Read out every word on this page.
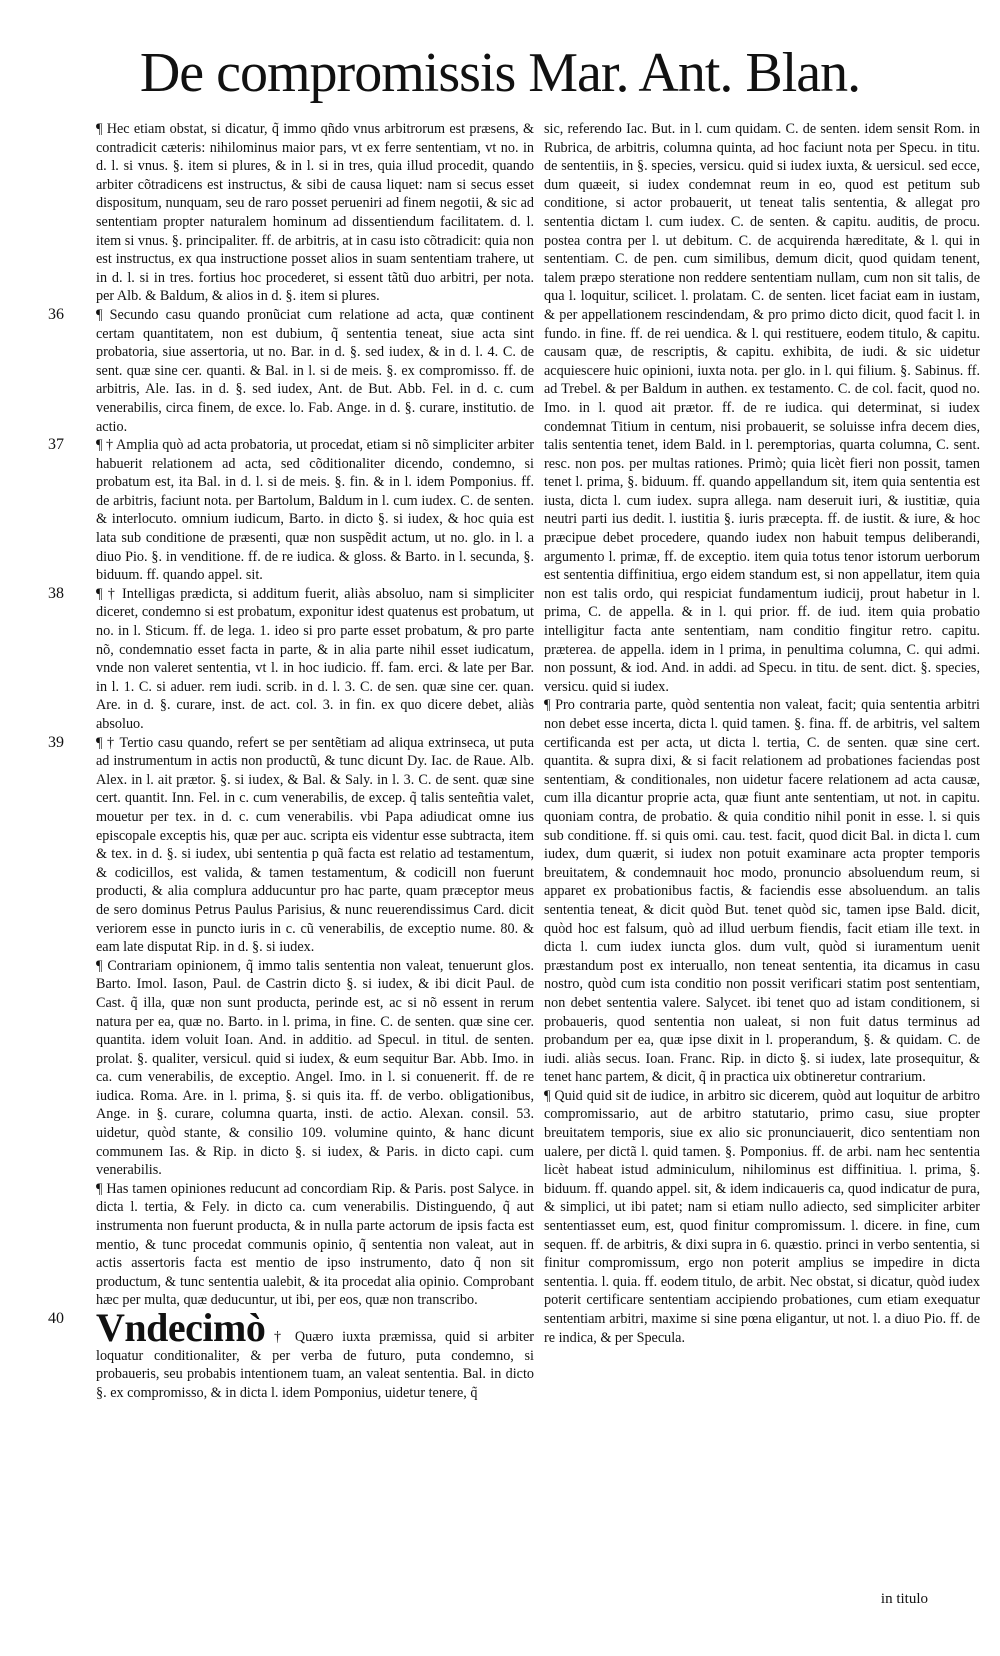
De compromissis Mar. Ant. Blan.

¶ Hec etiam obstat, si dicatur, q̃ immo qñdo vnus arbitrorum est præsens, & contradicit cæteris: nihilominus maior pars, vt ex ferre sententiam, vt no. in d. l. si vnus. §. item si plures, & in l. si in tres, quia illud procedit, quando arbiter cõtradicens est instructus, & sibi de causa liquet: nam si secus esset dispositum, nunquam, seu de raro posset perueniri ad finem negotii, & sic ad sententiam propter naturalem hominum ad dissentiendum facilitatem. d. l. item si vnus. §. principaliter. ff. de arbitris, at in casu isto cõtradicit: quia non est instructus, ex qua instructione posset alios in suam sententiam trahere, ut in d. l. si in tres. fortius hoc procederet, si essent tãtũ duo arbitri, per nota. per Alb. & Baldum, & alios in d. §. item si plures.

36	¶ Secundo casu quando pronũciat cum relatione ad acta, quæ continent certam quantitatem, non est dubium, q̃ sententia teneat, siue acta sint probatoria, siue assertoria, ut no. Bar. in d. §. sed iudex, & in d. l. 4. C. de sent. quæ sine cer. quanti. & Bal. in l. si de meis. §. ex compromisso. ff. de arbitris, Ale. Ias. in d. §. sed iudex, Ant. de But. Abb. Fel. in d. c. cum venerabilis, circa finem, de exce. lo. Fab. Ange. in d. §. curare, institutio. de actio.

37	¶ † Amplia quò ad acta probatoria, ut procedat, etiam si nõ simpliciter arbiter habuerit relationem ad acta, sed cõditionaliter dicendo, condemno, si probatum est, ita Bal. in d. l. si de meis. §. fin. & in l. idem Pomponius. ff. de arbitris, faciunt nota. per Bartolum, Baldum in l. cum iudex. C. de senten. & interlocuto. omnium iudicum, Barto. in dicto §. si iudex, & hoc quia est lata sub conditione de præsenti, quæ non suspẽdit actum, ut no. glo. in l. a diuo Pio. §. in venditione. ff. de re iudica. & gloss. & Barto. in l. secunda, §. biduum. ff. quando appel. sit.

38	¶ † Intelligas prædicta, si additum fuerit, aliàs absoluo, nam si simpliciter diceret, condemno si est probatum, exponitur idest quatenus est probatum, ut no. in l. Sticum. ff. de lega. 1. ideo si pro parte esset probatum, & pro parte nõ, condemnatio esset facta in parte, & in alia parte nihil esset iudicatum, vnde non valeret sententia, vt l. in hoc iudicio. ff. fam. erci. & late per Bar. in l. 1. C. si aduer. rem iudi. scrib. in d. l. 3. C. de sen. quæ sine cer. quan. Are. in d. §. curare, inst. de act. col. 3. in fin. ex quo dicere debet, aliàs absoluo.

39	¶ † Tertio casu quando, refert se per sentẽtiam ad aliqua extrinseca, ut puta ad instrumentum in actis non productũ, & tunc dicunt Dy. Iac. de Raue. Alb. Alex. in l. ait prætor. §. si iudex, & Bal. & Saly. in l. 3. C. de sent. quæ sine cert. quantit. Inn. Fel. in c. cum venerabilis, de excep. q̃ talis senteñtia valet, mouetur per tex. in d. c. cum venerabilis. vbi Papa adiudicat omne ius episcopale exceptis his, quæ per auc. scripta eis videntur esse subtracta, item & tex. in d. §. si iudex, ubi sententia p quã facta est relatio ad testamentum, & codicillos, est valida, & tamen testamentum, & codicill non fuerunt producti, & alia complura adducuntur pro hac parte, quam præceptor meus de sero dominus Petrus Paulus Parisius, & nunc reuerendissimus Card. dicit veriorem esse in puncto iuris in c. cũ venerabilis, de exceptio nume. 80. & eam late disputat Rip. in d. §. si iudex.

¶ Contrariam opinionem, q̃ immo talis sententia non valeat, tenuerunt glos. Barto. Imol. Iason, Paul. de Castrin dicto §. si iudex, & ibi dicit Paul. de Cast. q̃ illa, quæ non sunt producta, perinde est, ac si nõ essent in rerum natura per ea, quæ no. Barto. in l. prima, in fine. C. de senten. quæ sine cer. quantita. idem voluit Ioan. And. in additio. ad Specul. in titul. de senten. prolat. §. qualiter, versicul. quid si iudex, & eum sequitur Bar. Abb. Imo. in ca. cum venerabilis, de exceptio. Angel. Imo. in l. si conuenerit. ff. de re iudica. Roma. Are. in l. prima, §. si quis ita. ff. de verbo. obligationibus, Ange. in §. curare, columna quarta, insti. de actio. Alexan. consil. 53. uidetur, quòd stante, & consilio 109. volumine quinto, & hanc dicunt communem Ias. & Rip. in dicto §. si iudex, & Paris. in dicto capi. cum venerabilis.

¶ Has tamen opiniones reducunt ad concordiam Rip. & Paris. post Salyce. in dicta l. tertia, & Fely. in dicto ca. cum venerabilis. Distinguendo, q̃ aut instrumenta non fuerunt producta, & in nulla parte actorum de ipsis facta est mentio, & tunc procedat communis opinio, q̃ sententia non valeat, aut in actis assertoris facta est mentio de ipso instrumento, dato q̃ non sit productum, & tunc sententia ualebit, & ita procedat alia opinio. Comprobant hæc per multa, quæ deducuntur, ut ibi, per eos, quæ non transcribo.

40 Vndecimò † Quæro iuxta præmissa, quid si arbiter loquatur conditionaliter, & per verba de futuro, puta condemno, si probaueris, seu probabis intentionem tuam, an valeat sententia. Bal. in dicto §. ex compromisso, & in dicta l. idem Pomponius, uidetur tenere, q̃

sic, referendo Iac. But. in l. cum quidam. C. de senten. idem sensit Rom. in Rubrica, de arbitris, columna quinta, ad hoc faciunt nota per Specu. in titu. de sententiis, in §. species, versicu. quid si iudex iuxta, & uersicul. sed ecce, dum quæeit, si iudex condemnat reum in eo, quod est petitum sub conditione, si actor probauerit, ut teneat talis sententia, & allegat pro sententia dictam l. cum iudex. C. de senten. & capitu. auditis, de procu. postea contra per l. ut debitum. C. de acquirenda hæreditate, & l. qui in sententiam. C. de pen. cum similibus, demum dicit, quod quidam tenent, talem præpo steratione non reddere sententiam nullam, cum non sit talis, de qua l. loquitur, scilicet. l. prolatam. C. de senten. licet faciat eam in iustam, & per appellationem rescindendam, & pro primo dicto dicit, quod facit l. in fundo. in fine. ff. de rei uendica. & l. qui restituere, eodem titulo, & capitu. causam quæ, de rescriptis, & capitu. exhibita, de iudi. & sic uidetur acquiescere huic opinioni, iuxta nota. per glo. in l. qui filium. §. Sabinus. ff. ad Trebel. & per Baldum in authen. ex testamento. C. de col. facit, quod no. Imo. in l. quod ait prætor. ff. de re iudica. qui determinat, si iudex condemnat Titium in centum, nisi probauerit, se soluisse infra decem dies, talis sententia tenet, idem Bald. in l. peremptorias, quarta columna, C. sent. resc. non pos. per multas rationes. Primò; quia licèt fieri non possit, tamen tenet l. prima, §. biduum. ff. quando appellandum sit, item quia sententia est iusta, dicta l. cum iudex. supra allega. nam deseruit iuri, & iustitiæ, quia neutri parti ius dedit. l. iustitia §. iuris præcepta. ff. de iustit. & iure, & hoc præcipue debet procedere, quando iudex non habuit tempus deliberandi, argumento l. primæ, ff. de exceptio. item quia totus tenor istorum uerborum est sententia diffinitiua, ergo eidem standum est, si non appellatur, item quia non est talis ordo, qui respiciat fundamentum iudicij, prout habetur in l. prima, C. de appella. & in l. qui prior. ff. de iud. item quia probatio intelligitur facta ante sententiam, nam conditio fingitur retro. capitu. præterea. de appella. idem in l prima, in penultima columna, C. qui admi. non possunt, & iod. And. in addi. ad Specu. in titu. de sent. dict. §. species, versicu. quid si iudex.

¶ Pro contraria parte, quòd sententia non valeat, facit; quia sententia arbitri non debet esse incerta, dicta l. quid tamen. §. fina. ff. de arbitris, vel saltem certificanda est per acta, ut dicta l. tertia, C. de senten. quæ sine cert. quantita. & supra dixi, & si facit relationem ad probationes faciendas post sententiam, & conditionales, non uidetur facere relationem ad acta causæ, cum illa dicantur proprie acta, quæ fiunt ante sententiam, ut not. in capitu. quoniam contra, de probatio. & quia conditio nihil ponit in esse. l. si quis sub conditione. ff. si quis omi. cau. test. facit, quod dicit Bal. in dicta l. cum iudex, dum quærit, si iudex non potuit examinare acta propter temporis breuitatem, & condemnauit hoc modo, pronuncio absoluendum reum, si apparet ex probationibus factis, & faciendis esse absoluendum. an talis sententia teneat, & dicit quòd But. tenet quòd sic, tamen ipse Bald. dicit, quòd hoc est falsum, quò ad illud uerbum fiendis, facit etiam ille text. in dicta l. cum iudex iuncta glos. dum vult, quòd si iuramentum uenit præstandum post ex interuallo, non teneat sententia, ita dicamus in casu nostro, quòd cum ista conditio non possit verificari statim post sententiam, non debet sententia valere. Salycet. ibi tenet quo ad istam conditionem, si probaueris, quod sententia non ualeat, si non fuit datus terminus ad probandum per ea, quæ ipse dixit in l. properandum, §. & quidam. C. de iudi. aliàs secus. Ioan. Franc. Rip. in dicto §. si iudex, late prosequitur, & tenet hanc partem, & dicit, q̃ in practica uix obtineretur contrarium.

¶ Quid quid sit de iudice, in arbitro sic dicerem, quòd aut loquitur de arbitro compromissario, aut de arbitro statutario, primo casu, siue propter breuitatem temporis, siue ex alio sic pronunciauerit, dico sententiam non ualere, per dictã l. quid tamen. §. Pomponius. ff. de arbi. nam hec sententia licèt habeat istud adminiculum, nihilominus est diffinitiua. l. prima, §. biduum. ff. quando appel. sit, & idem indicaueris ca, quod indicatur de pura, & simplici, ut ibi patet; nam si etiam nullo adiecto, sed simpliciter arbiter sententiasset eum, est, quod finitur compromissum. l. dicere. in fine, cum sequen. ff. de arbitris, & dixi supra in 6. quæstio. princi in verbo sententia, si finitur compromissum, ergo non poterit amplius se impedire in dicta sententia. l. quia. ff. eodem titulo, de arbit. Nec obstat, si dicatur, quòd iudex poterit certificare sententiam accipiendo probationes, cum etiam exequatur sententiam arbitri, maxime si sine pœna eligantur, ut not. l. a diuo Pio. ff. de re indica, & per Specula.

in titulo
